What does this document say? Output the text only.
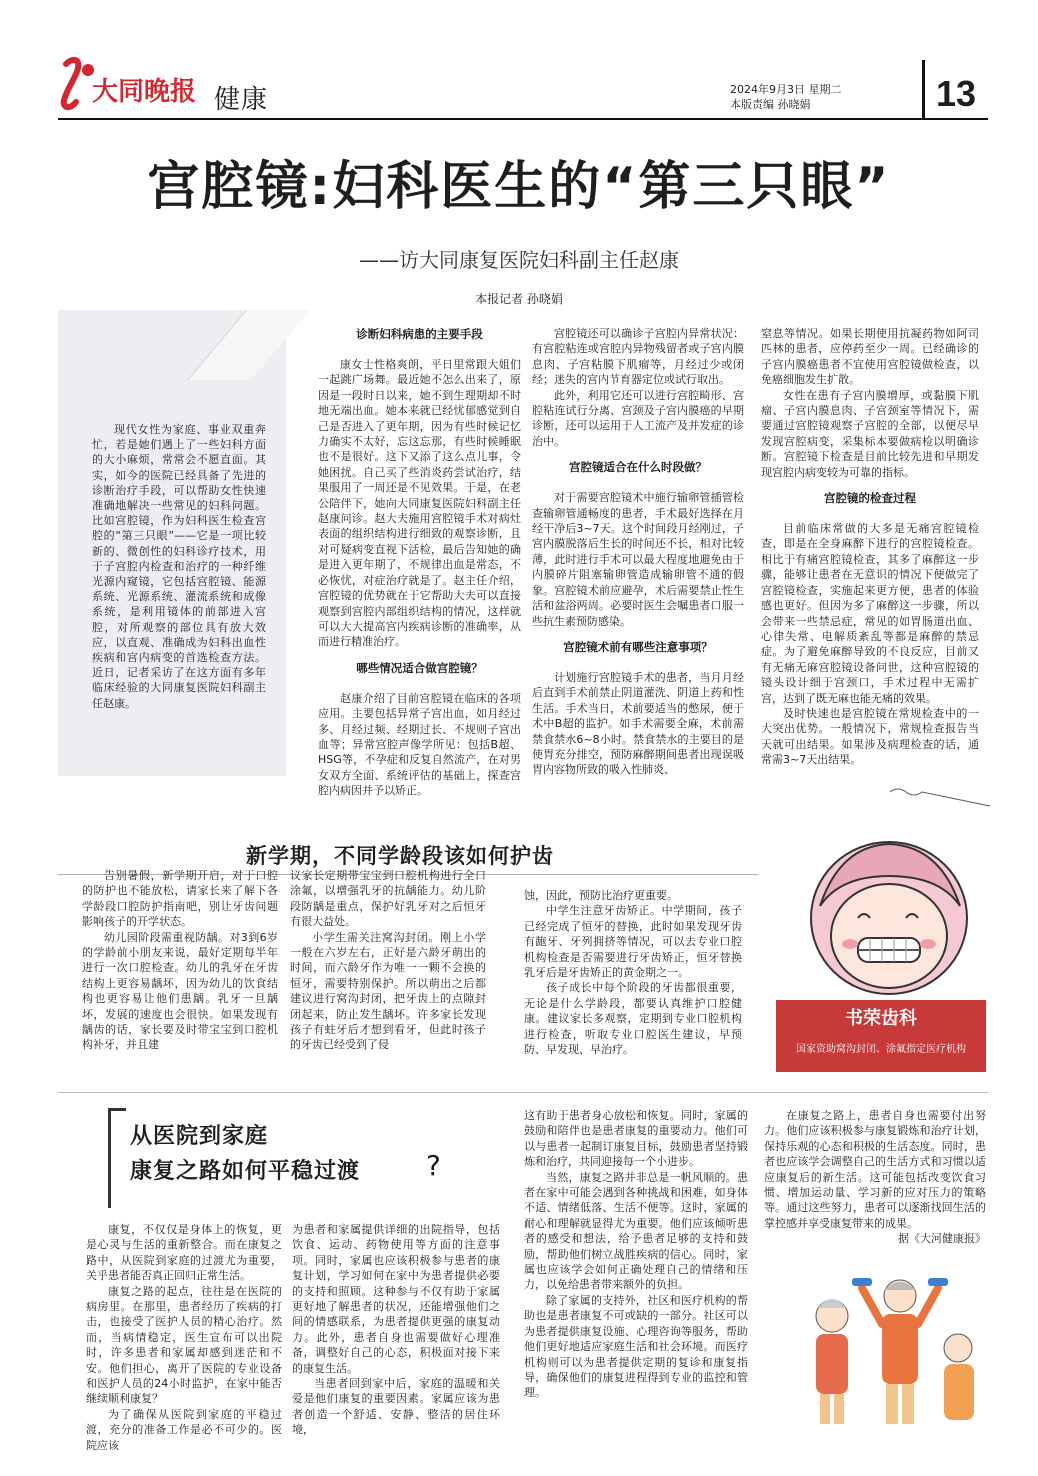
大同晚报 健康	2024年9月3日 星期二
本版责编 孙晓娟	13
宫腔镜:妇科医生的“第三只眼”
——访大同康复医院妇科副主任赵康
本报记者 孙晓娟
现代女性为家庭、事业双重奔忙，若是她们遇上了一些妇科方面的大小麻烦，常常会不愿直面。其实，如今的医院已经具备了先进的诊断治疗手段，可以帮助女性快速准确地解决一些常见的妇科问题。比如宫腔镜，作为妇科医生检查宫腔的“第三只眼”——它是一项比较新的、微创性的妇科诊疗技术，用于子宫腔内检查和治疗的一种纤维光源内窥镜，它包括宫腔镜、能源系统、光源系统、灌流系统和成像系统，是利用镜体的前部进入宫腔，对所观察的部位具有放大效应，以直观、准确成为妇科出血性疾病和宫内病变的首选检查方法。近日，记者采访了在这方面有多年临床经验的大同康复医院妇科副主任赵康。
诊断妇科病患的主要手段

康女士性格爽朗，平日里常跟大姐们一起跳广场舞。最近她不怎么出来了，原因是一段时日以来，她不到生理期却不时地无端出血。她本来就已经忧郁感觉到自己是否进入了更年期，因为有些时候记忆力确实不太好，忘这忘那，有些时候睡眠也不是很好。这下又添了这么点儿事，令她困扰。自己买了些消炎药尝试治疗，结果服用了一周还是不见效果。于是，在老公陪伴下，她向大同康复医院妇科副主任赵康问诊。赵大夫施用宫腔镜手术对病灶表面的组织结构进行细致的观察诊断，且对可疑病变直视下活检，最后告知她的确是进入更年期了，不规律出血是常态，不必恢忧，对症治疗就是了。赵主任介绍，宫腔镜的优势就在于它帮助大夫可以直接观察到宫腔内部组织结构的情况，这样就可以大大提高宫内疾病诊断的准确率，从而进行精准治疗。

哪些情况适合做宫腔镜？

赵康介绍了目前宫腔镜在临床的各项应用。主要包括异常子宫出血，如月经过多、月经过频、经期过长、不规则子宫出血等；异常宫腔声像学所见：包括B超、HSG等，不孕症和反复自然流产，在对男女双方全面、系统评估的基础上，探查宫腔内病因并予以矫正。

宫腔镜还可以确诊子宫腔内异常状况：有宫腔粘连或宫腔内异物残留者或子宫内膜息肉、子宫粘膜下肌瘤等，月经过少或闭经；迷失的宫内节育器定位或试行取出。

此外，利用它还可以进行宫腔畸形、宫腔粘连试行分离、宫颈及子宫内膜癌的早期诊断，还可以运用于人工流产及并发症的诊治中。

宫腔镜适合在什么时段做？

对于需要宫腔镜术中施行输卵管插管检查输卵管通畅度的患者，手术最好选择在月经干净后3~7天。这个时间段月经刚过，子宫内膜脱落后生长的时间还不长，相对比较薄，此时进行手术可以最大程度地避免由于内膜碎片阻塞输卵管造成输卵管不通的假象。宫腔镜术前应避孕，术后需要禁止性生活和盆浴两周。必要时医生会嘱患者口服一些抗生素预防感染。

宫腔镜术前有哪些注意事项？

计划施行宫腔镜手术的患者，当月月经后直到手术前禁止阴道灌洗、阴道上药和性生活。手术当日，术前要适当的憋尿，便于术中B超的监护。如手术需要全麻，术前需禁食禁水6~8小时。禁食禁水的主要目的是使胃充分排空，预防麻醉期间患者出现误吸胃内容物所致的吸入性肺炎、

窒息等情况。如果长期使用抗凝药物如阿司匹林的患者，应停药至少一周。已经确诊的子宫内膜癌患者不宜使用宫腔镜做检查，以免癌细胞发生扩散。

女性在患有子宫内膜增厚，或黏膜下肌瘤、子宫内膜息肉、子宫颈室等情况下，需要通过宫腔镜观察子宫腔的全部，以便尽早发现宫腔病变，采集标本要做病检以明确诊断。宫腔镜下检查是目前比较先进和早期发现宫腔内病变较为可靠的指标。

宫腔镜的检查过程

目前临床常做的大多是无痛宫腔镜检查，即是在全身麻醉下进行的宫腔镜检查。相比于有痛宫腔镜检查，其多了麻醉这一步骤，能够让患者在无意识的情况下便做完了宫腔镜检查，实施起来更方便，患者的体验感也更好。但因为多了麻醉这一步骤，所以会带来一些禁忌症，常见的如胃肠道出血、心律失常、电解质紊乱等都是麻醉的禁忌症。为了避免麻醉导致的不良反应，目前又有无痛无麻宫腔镜设备问世，这种宫腔镜的镜头设计细于宫颈口，手术过程中无需扩宫，达到了既无麻也能无痛的效果。

及时快速也是宫腔镜在常规检查中的一大突出优势。一般情况下，常规检查报告当天就可出结果。如果涉及病理检查的话，通常需3~7天出结果。

新学期，不同学龄段该如何护齿

告别暑假，新学期开启，对于口腔的防护也不能放松，请家长来了解下各学龄段口腔防护指南吧，别让牙齿问题影响孩子的开学状态。

幼儿园阶段需重视防龋。对3到6岁的学龄前小朋友来说，最好定期每半年进行一次口腔检查。幼儿的乳牙在牙齿结构上更容易龋坏，因为幼儿的饮食结构也更容易让他们患龋。乳牙一旦龋坏，发展的速度也会很快。如果发现有龋齿的话，家长要及时带宝宝到口腔机构补牙，并且建

议家长定期带宝宝到口腔机构进行全口涂氟，以增强乳牙的抗龋能力。幼儿阶段防龋是重点，保护好乳牙对之后恒牙有很大益处。

小学生需关注窝沟封闭。刚上小学一般在六岁左右，正好是六龄牙萌出的时间，而六龄牙作为唯一一颗不会换的恒牙，需要特别保护。所以萌出之后都建议进行窝沟封闭，把牙齿上的点隙封闭起来，防止发生龋坏。许多家长发现孩子有蛀牙后才想到看牙，但此时孩子的牙齿已经受到了侵

蚀，因此，预防比治疗更重要。

中学生注意牙齿矫正。中学期间，孩子已经完成了恒牙的替换，此时如果发现牙齿有龅牙、牙列拥挤等情况，可以去专业口腔机构检查是否需要进行牙齿矫正，恒牙替换乳牙后是牙齿矫正的黄金期之一。

孩子成长中每个阶段的牙齿都很重要，无论是什么学龄段，都要认真维护口腔健康。建议家长多观察，定期到专业口腔机构进行检查，听取专业口腔医生建议，早预防、早发现、早治疗。

书荣齿科
国家资助窝沟封闭、涂氟指定医疗机构
从医院到家庭
康复之路如何平稳过渡 ?

康复，不仅仅是身体上的恢复，更是心灵与生活的重新整合。而在康复之路中，从医院到家庭的过渡尤为重要，关乎患者能否真正回归正常生活。

康复之路的起点，往往是在医院的病房里。在那里，患者经历了疾病的打击，也接受了医护人员的精心治疗。然而，当病情稳定，医生宣布可以出院时，许多患者和家属却感到迷茫和不安。他们担心，离开了医院的专业设备和医护人员的24小时监护，在家中能否继续顺利康复？

为了确保从医院到家庭的平稳过渡，充分的准备工作是必不可少的。医院应该

为患者和家属提供详细的出院指导，包括饮食、运动、药物使用等方面的注意事项。同时，家属也应该积极参与患者的康复计划，学习如何在家中为患者提供必要的支持和照顾。这种参与不仅有助于家属更好地了解患者的状况，还能增强他们之间的情感联系，为患者提供更强的康复动力。此外，患者自身也需要做好心理准备，调整好自己的心态，积极面对接下来的康复生活。

当患者回到家中后，家庭的温暖和关爱是他们康复的重要因素。家属应该为患者创造一个舒适、安静、整洁的居住环境，

这有助于患者身心放松和恢复。同时，家属的鼓励和陪伴也是患者康复的重要动力。他们可以与患者一起制订康复目标，鼓励患者坚持锻炼和治疗，共同迎接每一个小进步。

当然，康复之路并非总是一帆风顺的。患者在家中可能会遇到各种挑战和困难，如身体不适、情绪低落、生活不便等。这时，家属的耐心和理解就显得尤为重要。他们应该倾听患者的感受和想法，给予患者足够的支持和鼓励，帮助他们树立战胜疾病的信心。同时，家属也应该学会如何正确处理自己的情绪和压力，以免给患者带来额外的负担。

除了家属的支持外，社区和医疗机构的帮助也是患者康复不可或缺的一部分。社区可以为患者提供康复设施、心理咨询等服务，帮助他们更好地适应家庭生活和社会环境。而医疗机构则可以为患者提供定期的复诊和康复指导，确保他们的康复进程得到专业的监控和管理。

在康复之路上，患者自身也需要付出努力。他们应该积极参与康复锻炼和治疗计划，保持乐观的心态和积极的生活态度。同时，患者也应该学会调整自己的生活方式和习惯以适应康复后的新生活。这可能包括改变饮食习惯、增加运动量、学习新的应对压力的策略等。通过这些努力，患者可以逐渐找回生活的掌控感并享受康复带来的成果。

据《大河健康报》
